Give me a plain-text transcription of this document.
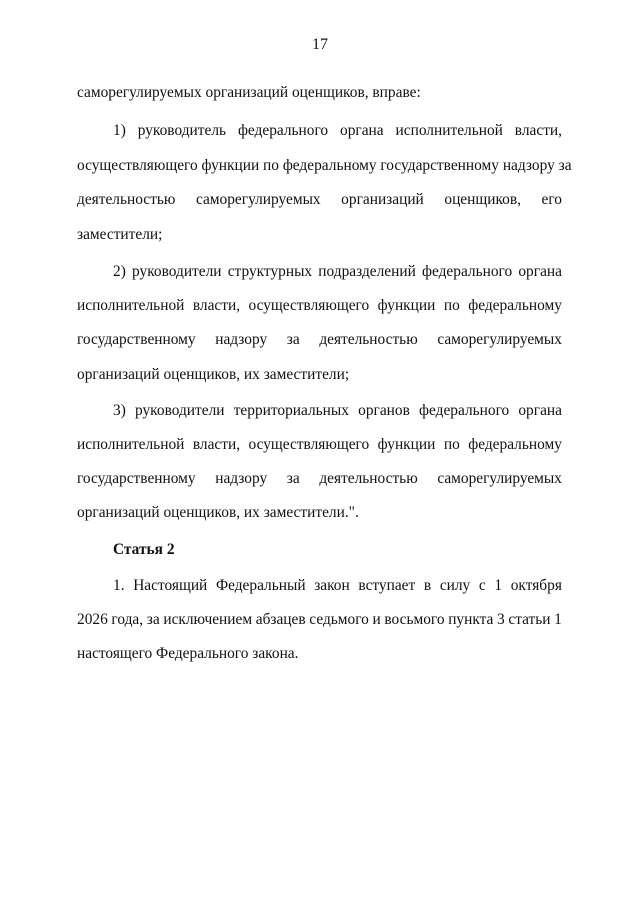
17
саморегулируемых организаций оценщиков, вправе:
1) руководитель федерального органа исполнительной власти,
осуществляющего функции по федеральному государственному надзору за
деятельностью саморегулируемых организаций оценщиков, его
заместители;
2) руководители структурных подразделений федерального органа
исполнительной власти, осуществляющего функции по федеральному
государственному надзору за деятельностью саморегулируемых
организаций оценщиков, их заместители;
3) руководители территориальных органов федерального органа
исполнительной власти, осуществляющего функции по федеральному
государственному надзору за деятельностью саморегулируемых
организаций оценщиков, их заместители.".
Статья 2
1. Настоящий Федеральный закон вступает в силу с 1 октября
2026 года, за исключением абзацев седьмого и восьмого пункта 3 статьи 1
настоящего Федерального закона.
